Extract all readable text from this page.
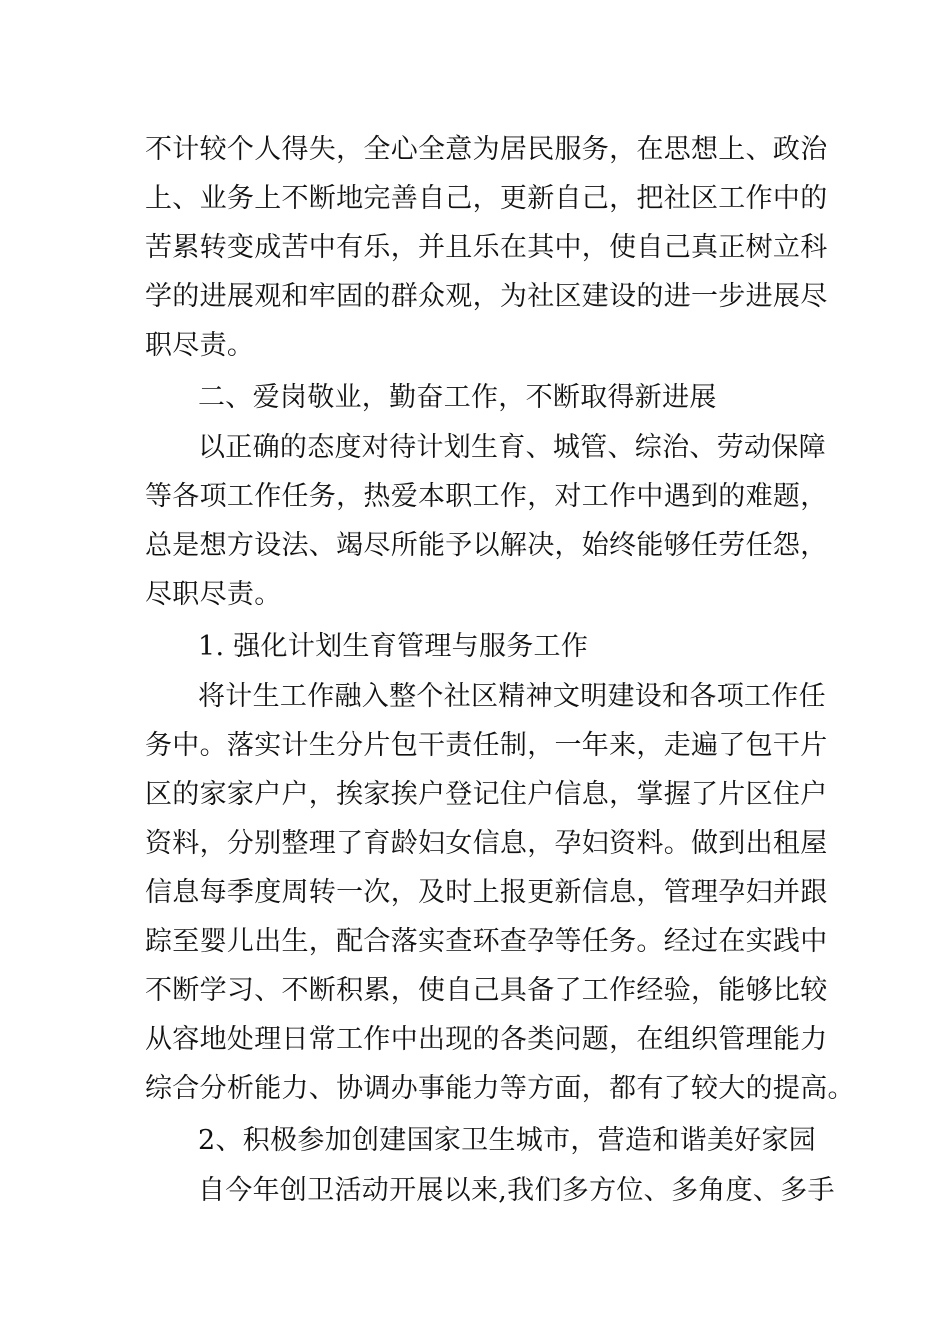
不计较个人得失，全心全意为居民服务，在思想上、政治
上、业务上不断地完善自己，更新自己，把社区工作中的
苦累转变成苦中有乐，并且乐在其中，使自己真正树立科
学的进展观和牢固的群众观，为社区建设的进一步进展尽
职尽责。
二、爱岗敬业，勤奋工作，不断取得新进展
以正确的态度对待计划生育、城管、综治、劳动保障
等各项工作任务，热爱本职工作，对工作中遇到的难题，
总是想方设法、竭尽所能予以解决，始终能够任劳任怨，
尽职尽责。
1. 强化计划生育管理与服务工作
将计生工作融入整个社区精神文明建设和各项工作任
务中。落实计生分片包干责任制，一年来，走遍了包干片
区的家家户户，挨家挨户登记住户信息，掌握了片区住户
资料，分别整理了育龄妇女信息，孕妇资料。做到出租屋
信息每季度周转一次，及时上报更新信息，管理孕妇并跟
踪至婴儿出生，配合落实查环查孕等任务。经过在实践中
不断学习、不断积累，使自己具备了工作经验，能够比较
从容地处理日常工作中出现的各类问题，在组织管理能力
综合分析能力、协调办事能力等方面，都有了较大的提高。
2、积极参加创建国家卫生城市，营造和谐美好家园
自今年创卫活动开展以来,我们多方位、多角度、多手
